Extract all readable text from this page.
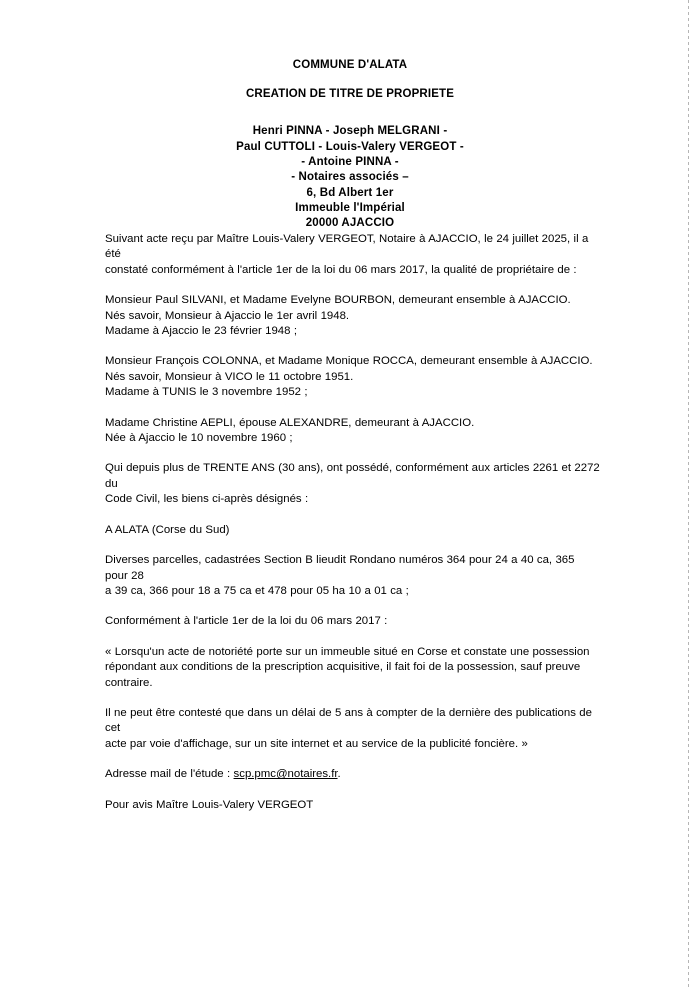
COMMUNE D'ALATA
CREATION DE TITRE DE PROPRIETE
Henri PINNA - Joseph MELGRANI -
Paul CUTTOLI - Louis-Valery VERGEOT -
- Antoine PINNA -
- Notaires associés –
6, Bd Albert 1er
Immeuble l'Impérial
20000 AJACCIO

Suivant acte reçu par Maître Louis-Valery VERGEOT, Notaire à AJACCIO, le 24 juillet 2025, il a été
constaté conformément à l'article 1er de la loi du 06 mars 2017, la qualité de propriétaire de :

Monsieur Paul SILVANI, et Madame Evelyne BOURBON, demeurant ensemble à AJACCIO.
Nés savoir, Monsieur à Ajaccio le 1er avril 1948.
Madame à Ajaccio le 23 février 1948 ;

Monsieur François COLONNA, et Madame Monique ROCCA, demeurant ensemble à AJACCIO.
Nés savoir, Monsieur à VICO le 11 octobre 1951.
Madame à TUNIS le 3 novembre 1952 ;

Madame Christine AEPLI, épouse ALEXANDRE, demeurant à AJACCIO.
Née à Ajaccio le 10 novembre 1960 ;

Qui depuis plus de TRENTE ANS (30 ans), ont possédé, conformément aux articles 2261 et 2272 du
Code Civil, les biens ci-après désignés :

A ALATA (Corse du Sud)

Diverses parcelles, cadastrées Section B lieudit Rondano numéros 364 pour 24 a 40 ca, 365 pour 28
a 39 ca, 366 pour 18 a 75 ca et 478 pour 05 ha 10 a 01 ca ;

Conformément à l'article 1er de la loi du 06 mars 2017 :

« Lorsqu'un acte de notoriété porte sur un immeuble situé en Corse et constate une possession
répondant aux conditions de la prescription acquisitive, il fait foi de la possession, sauf preuve
contraire.

Il ne peut être contesté que dans un délai de 5 ans à compter de la dernière des publications de cet
acte par voie d'affichage, sur un site internet et au service de la publicité foncière. »

Adresse mail de l'étude : scp.pmc@notaires.fr.

Pour avis Maître Louis-Valery VERGEOT
